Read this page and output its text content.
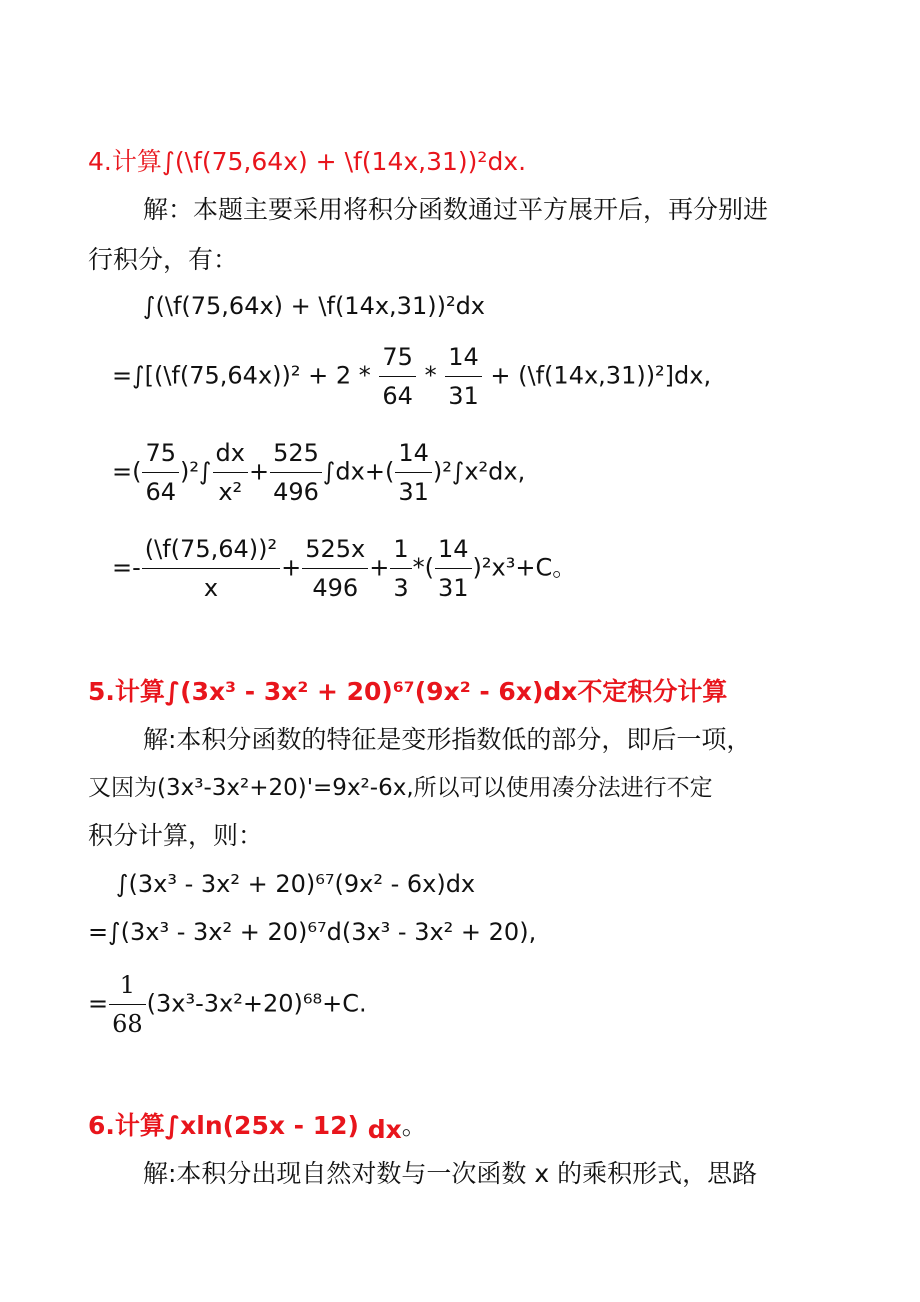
4.计算∫(\f(75,64x) + \f(14x,31))²dx.
解：本题主要采用将积分函数通过平方展开后，再分别进
行积分，有：
∫(\f(75,64x) + \f(14x,31))²dx
=∫[(\f(75,64x))² + $2 * \frac{75}{64} * \frac{14}{31}$ + (\f(14x,31))²]dx,
=( $\frac{75}{64} )^2\int \frac{dx}{\text{x²}} + \frac{525}{496} \int dx+( \frac{14}{31} )^2\int x^2dx$,
=- $\frac{\text{(\textbackslash{}f(75,64))²}}{x} + \frac{525x}{496} + \frac{1}{3}$ *( $\frac{14}{31} )^2x^3+C$。
5.计算∫(3x³ - 3x² + 20)⁶⁷(9x² - 6x)dx不定积分计算
解:本积分函数的特征是变形指数低的部分，即后一项，
又因为(3x³-3x²+20)'=9x²-6x,所以可以使用凑分法进行不定
积分计算，则：
∫(3x³ - 3x² + 20)⁶⁷(9x² - 6x)dx
=∫(3x³ - 3x² + 20)⁶⁷d(3x³ - 3x² + 20),
= $\frac{1}{68} (3x^3-3x^2+20)^{68}+C$.
6.计算∫xln(25x - 12) dx。
解:本积分出现自然对数与一次函数 x 的乘积形式，思路
